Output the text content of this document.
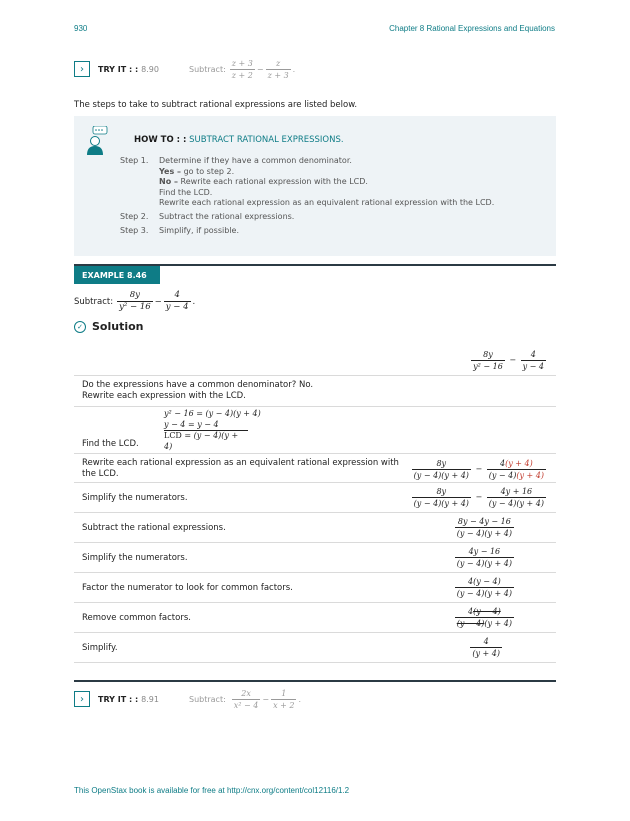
930	Chapter 8 Rational Expressions and Equations
›	TRY IT : : 8.90	Subtract: $\frac{z + 3}{z + 2} - \frac{z}{z + 3}$ .
The steps to take to subtract rational expressions are listed below.
HOW TO : : SUBTRACT RATIONAL EXPRESSIONS.
Step 1. Determine if they have a common denominator.
Yes – go to step 2.
No – Rewrite each rational expression with the LCD.
Find the LCD.
Rewrite each rational expression as an equivalent rational expression with the LCD.
Step 2. Subtract the rational expressions.
Step 3. Simplify, if possible.
EXAMPLE 8.46
Subtract: $\frac{8y}{\text{y² − 16}} - \frac{4}{y - 4}$ .
✓ Solution
$\frac{8y}{\text{y² − 16}} - \frac{4}{y - 4}$
Do the expressions have a common denominator? No.
Rewrite each expression with the LCD.
Find the LCD.
y² − 16 = (y − 4)(y + 4)
y − 4 = y − 4
LCD = (y − 4)(y + 4)
Rewrite each rational expression as an equivalent rational expression with
the LCD.	$\frac{8y}{(y - 4)(y + 4)} - \frac{4(y + 4)}{(y - 4)(y + 4)}$
Simplify the numerators.	$\frac{8y}{(y - 4)(y + 4)} - \frac{4y + 16}{(y - 4)(y + 4)}$
Subtract the rational expressions.	$\frac{8y - 4y - 16}{(y - 4)(y + 4)}$
Simplify the numerators.	$\frac{4y - 16}{(y - 4)(y + 4)}$
Factor the numerator to look for common factors.	$\frac{4(y - 4)}{(y - 4)(y + 4)}$
Remove common factors.	$\frac{4(y - 4)}{(y - 4)(y + 4)}$
Simplify.	$\frac{4}{(y + 4)}$
›	TRY IT : : 8.91	Subtract: $\frac{2x}{\text{x² − 4}} - \frac{1}{x + 2}$ .
This OpenStax book is available for free at http://cnx.org/content/col12116/1.2
